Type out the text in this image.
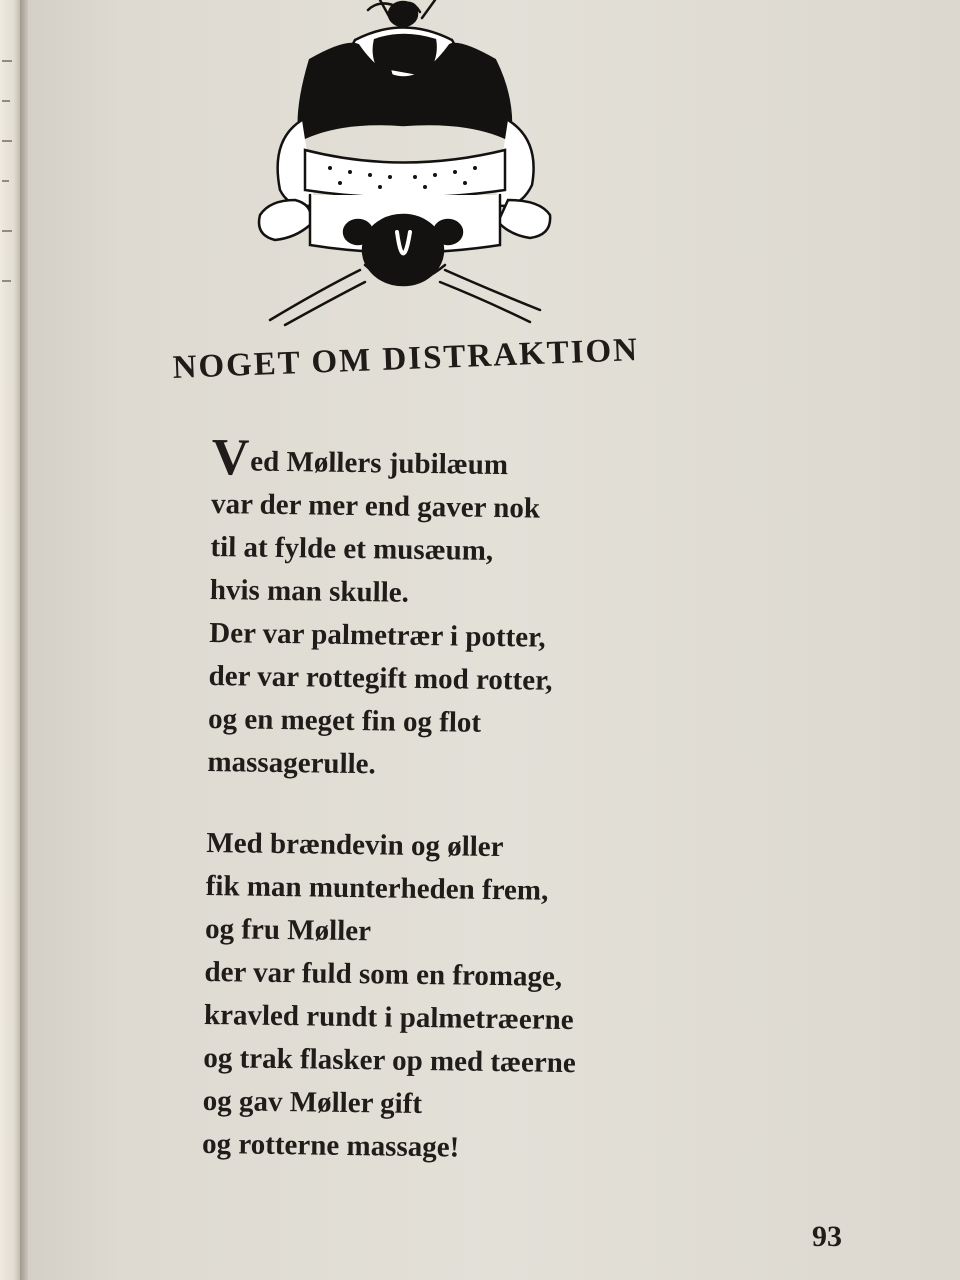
NOGET OM DISTRAKTION
Ved Møllers jubilæum
var der mer end gaver nok
til at fylde et musæum,
hvis man skulle.
Der var palmetrær i potter,
der var rottegift mod rotter,
og en meget fin og flot
massagerulle.
Med brændevin og øller
fik man munterheden frem,
og fru Møller
der var fuld som en fromage,
kravled rundt i palmetræerne
og trak flasker op med tæerne
og gav Møller gift
og rotterne massage!
93
